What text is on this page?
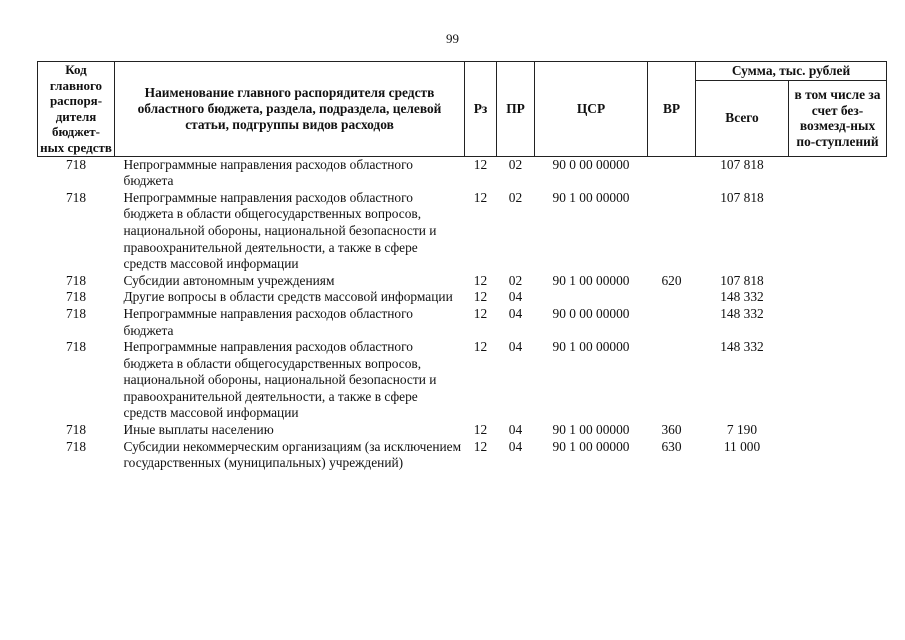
99
Код главного распоря-дителя бюджет-ных средств	Наименование главного распорядителя средств областного бюджета, раздела, подраздела, целевой статьи, подгруппы видов расходов	Рз	ПР	ЦСР	ВР	Сумма, тыс. рублей	
						Всего	в том числе за счет без-возмезд-ных по-ступлений
718	Непрограммные направления расходов областного бюджета	12	02	90 0 00 00000		107 818	
718	Непрограммные направления расходов областного бюджета в области общегосударственных вопросов, национальной обороны, национальной безопасности и правоохранительной деятельности, а также в сфере средств массовой информации	12	02	90 1 00 00000		107 818	
718	Субсидии автономным учреждениям	12	02	90 1 00 00000	620	107 818	
718	Другие вопросы в области средств массовой информации	12	04			148 332	
718	Непрограммные направления расходов областного бюджета	12	04	90 0 00 00000		148 332	
718	Непрограммные направления расходов областного бюджета в области общегосударственных вопросов, национальной обороны, национальной безопасности и правоохранительной деятельности, а также в сфере средств массовой информации	12	04	90 1 00 00000		148 332	
718	Иные выплаты населению	12	04	90 1 00 00000	360	7 190	
718	Субсидии некоммерческим организациям (за исключением государственных (муниципальных) учреждений)	12	04	90 1 00 00000	630	11 000	
